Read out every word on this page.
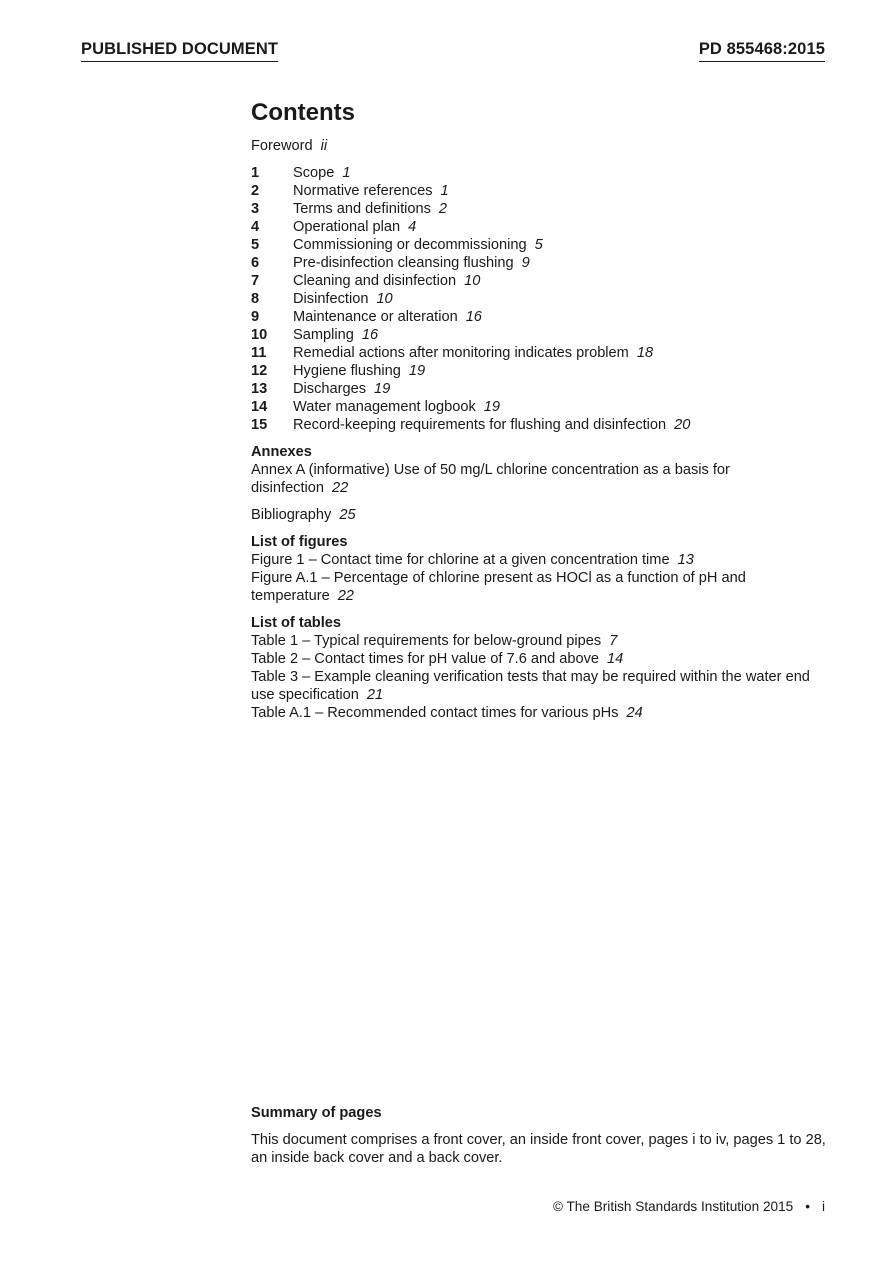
PUBLISHED DOCUMENT	PD 855468:2015
Contents
Foreword ii
1	Scope 1
2	Normative references 1
3	Terms and definitions 2
4	Operational plan 4
5	Commissioning or decommissioning 5
6	Pre-disinfection cleansing flushing 9
7	Cleaning and disinfection 10
8	Disinfection 10
9	Maintenance or alteration 16
10	Sampling 16
11	Remedial actions after monitoring indicates problem 18
12	Hygiene flushing 19
13	Discharges 19
14	Water management logbook 19
15	Record-keeping requirements for flushing and disinfection 20
Annexes
Annex A (informative) Use of 50 mg/L chlorine concentration as a basis for disinfection 22
Bibliography 25
List of figures
Figure 1 – Contact time for chlorine at a given concentration time 13
Figure A.1 – Percentage of chlorine present as HOCl as a function of pH and temperature 22
List of tables
Table 1 – Typical requirements for below-ground pipes 7
Table 2 – Contact times for pH value of 7.6 and above 14
Table 3 – Example cleaning verification tests that may be required within the water end use specification 21
Table A.1 – Recommended contact times for various pHs 24
Summary of pages
This document comprises a front cover, an inside front cover, pages i to iv, pages 1 to 28, an inside back cover and a back cover.
© The British Standards Institution 2015 • i
